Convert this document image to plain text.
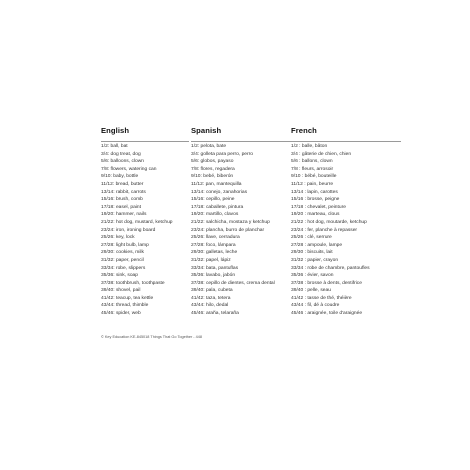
English
1/2: ball, bat
3/4: dog treat, dog
5/6: balloons, clown
7/8: flowers, watering can
9/10: baby, bottle
11/12: bread, butter
13/14: rabbit, carrots
15/16: brush, comb
17/18: easel, paint
19/20: hammer, nails
21/22: hot dog, mustard, ketchup
23/24: iron, ironing board
25/26: key, lock
27/28: light bulb, lamp
29/30: cookies, milk
31/32: paper, pencil
33/34: robe, slippers
35/36: sink, soap
37/38: toothbrush, toothpaste
39/40: shovel, pail
41/42: teacup, tea kettle
43/44: thread, thimble
45/46: spider, web
Spanish
1/2: pelota, bate
3/4: golleta para perro, perro
5/6: globos, payaso
7/8: flores, regadera
9/10: bebé, biberón
11/12: pan, mantequilla
13/14: conejo, zanahorias
15/16: cepillo, peine
17/18: caballete, pintura
19/20: martillo, clavos
21/22: salchicha, mostaza y ketchup
23/24: plancha, burro de planchar
25/26: llave, cerradura
27/28: foco, lámpara
29/30: galletas, leche
31/32: papel, lápiz
33/34: bata, pantuflas
35/36: lavabo, jabón
37/38: cepillo de dientes, crema dental
39/40: pala, cubeta
41/42: taza, tetera
43/44: hilo, dedal
45/46: araña, telaraña
French
1/2 : balle, bâton
3/4 : gâterie de chien, chien
5/6 : ballons, clown
7/8 : fleurs, arrosoir
9/10 : bébé, bouteille
11/12 : pain, beurre
13/14 : lapin, carottes
15/16 : brosse, peigne
17/18 : chevalet, peinture
19/20 : marteau, clous
21/22 : hot dog, moutarde, ketchup
23/24 : fer, planche à repasser
25/26 : clé, serrure
27/28 : ampoule, lampe
29/30 : biscuits, lait
31/32 : papier, crayon
33/34 : robe de chambre, pantoufles
35/36 : évier, savon
37/38 : brosse à dents, dentifrice
39/40 : pelle, seau
41/42 : tasse de thé, théière
43/44 : fil, dé à coudre
45/46 : araignée, toile d'araignée
© Key Education KE-845018 Things That Go Together - 448
